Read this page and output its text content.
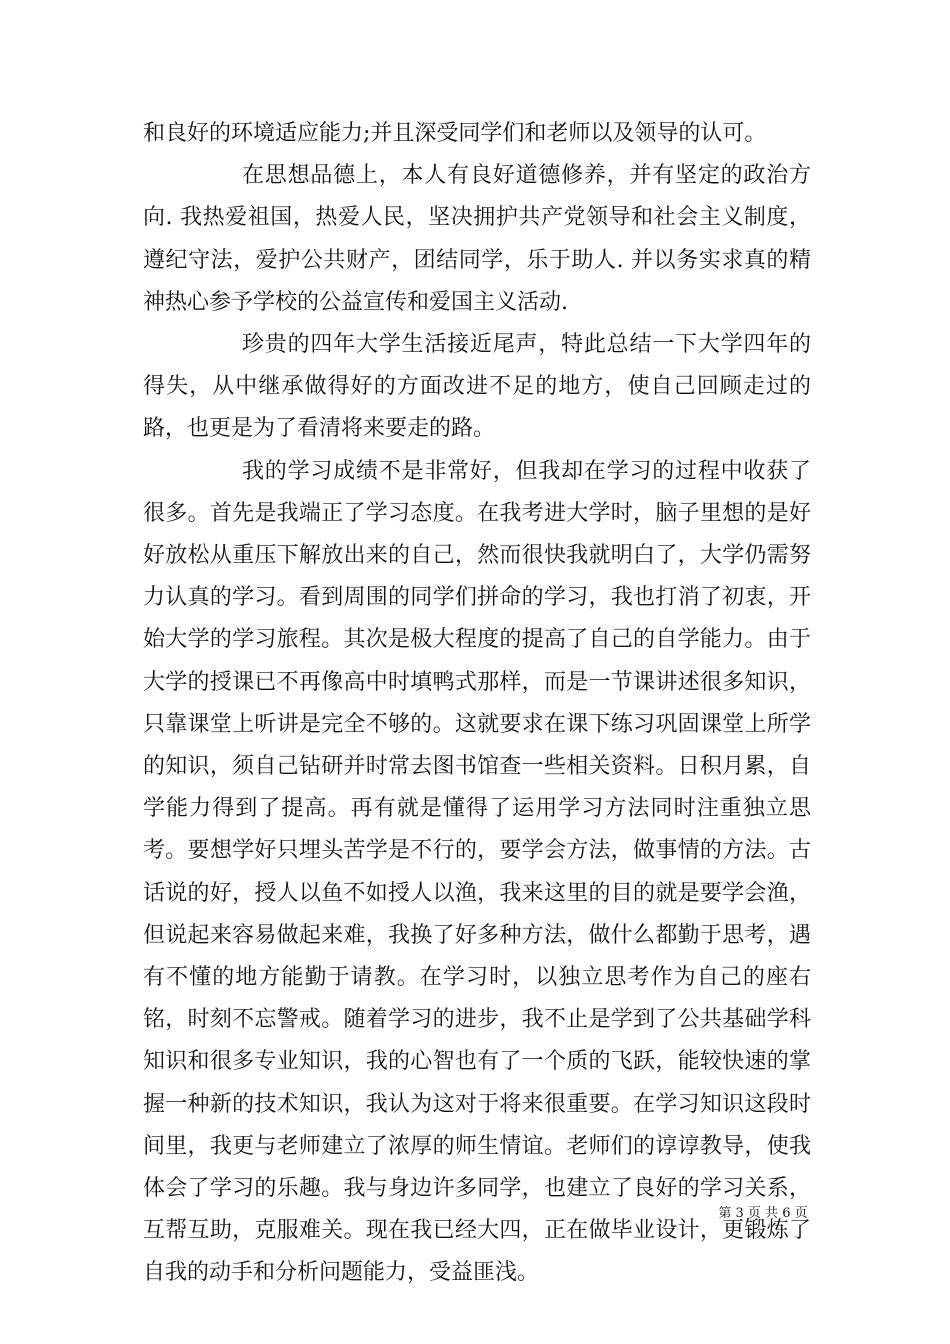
和良好的环境适应能力;并且深受同学们和老师以及领导的认可。

在思想品德上，本人有良好道德修养，并有坚定的政治方向. 我热爱祖国，热爱人民，坚决拥护共产党领导和社会主义制度，遵纪守法，爱护公共财产，团结同学，乐于助人. 并以务实求真的精神热心参予学校的公益宣传和爱国主义活动.

珍贵的四年大学生活接近尾声，特此总结一下大学四年的得失，从中继承做得好的方面改进不足的地方，使自己回顾走过的路，也更是为了看清将来要走的路。

我的学习成绩不是非常好，但我却在学习的过程中收获了很多。首先是我端正了学习态度。在我考进大学时，脑子里想的是好好放松从重压下解放出来的自己，然而很快我就明白了，大学仍需努力认真的学习。看到周围的同学们拼命的学习，我也打消了初衷，开始大学的学习旅程。其次是极大程度的提高了自己的自学能力。由于大学的授课已不再像高中时填鸭式那样，而是一节课讲述很多知识，只靠课堂上听讲是完全不够的。这就要求在课下练习巩固课堂上所学的知识，须自己钻研并时常去图书馆查一些相关资料。日积月累，自学能力得到了提高。再有就是懂得了运用学习方法同时注重独立思考。要想学好只埋头苦学是不行的，要学会方法，做事情的方法。古话说的好，授人以鱼不如授人以渔，我来这里的目的就是要学会渔，但说起来容易做起来难，我换了好多种方法，做什么都勤于思考，遇有不懂的地方能勤于请教。在学习时，以独立思考作为自己的座右铭，时刻不忘警戒。随着学习的进步，我不止是学到了公共基础学科知识和很多专业知识，我的心智也有了一个质的飞跃，能较快速的掌握一种新的技术知识，我认为这对于将来很重要。在学习知识这段时间里，我更与老师建立了浓厚的师生情谊。老师们的谆谆教导，使我体会了学习的乐趣。我与身边许多同学，也建立了良好的学习关系，互帮互助，克服难关。现在我已经大四，正在做毕业设计，更锻炼了自我的动手和分析问题能力，受益匪浅。

第 3 页 共 6 页
